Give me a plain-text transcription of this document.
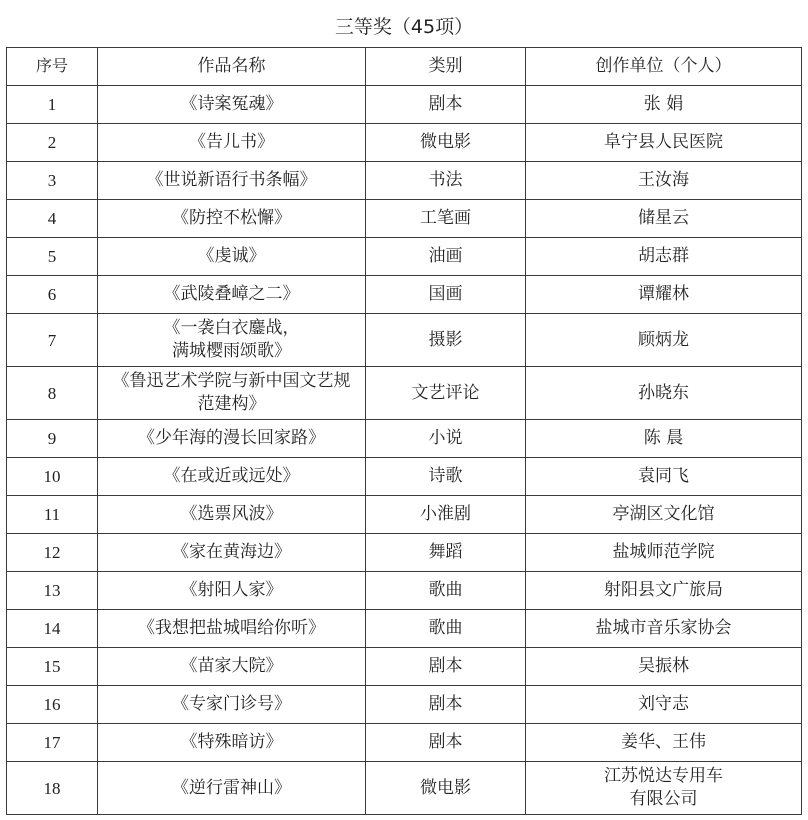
三等奖（45项）
序号	作品名称	类别	创作单位（个人）
1	《诗案冤魂》	剧本	张 娟

2	《告儿书》	微电影	阜宁县人民医院

3	《世说新语行书条幅》	书法	王汝海

4	《防控不松懈》	工笔画	储星云

5	《虔诚》	油画	胡志群

6	《武陵叠嶂之二》	国画	谭耀林

7	《一袭白衣鏖战，
满城樱雨颂歌》	摄影	顾炳龙

8	《鲁迅艺术学院与新中国文艺规
范建构》	文艺评论	孙晓东

9	《少年海的漫长回家路》	小说	陈 晨

10	《在或近或远处》	诗歌	袁同飞

11	《选票风波》	小淮剧	亭湖区文化馆

12	《家在黄海边》	舞蹈	盐城师范学院

13	《射阳人家》	歌曲	射阳县文广旅局

14	《我想把盐城唱给你听》	歌曲	盐城市音乐家协会

15	《苗家大院》	剧本	吴振林

16	《专家门诊号》	剧本	刘守志

17	《特殊暗访》	剧本	姜华、王伟

18	《逆行雷神山》	微电影	江苏悦达专用车
有限公司
